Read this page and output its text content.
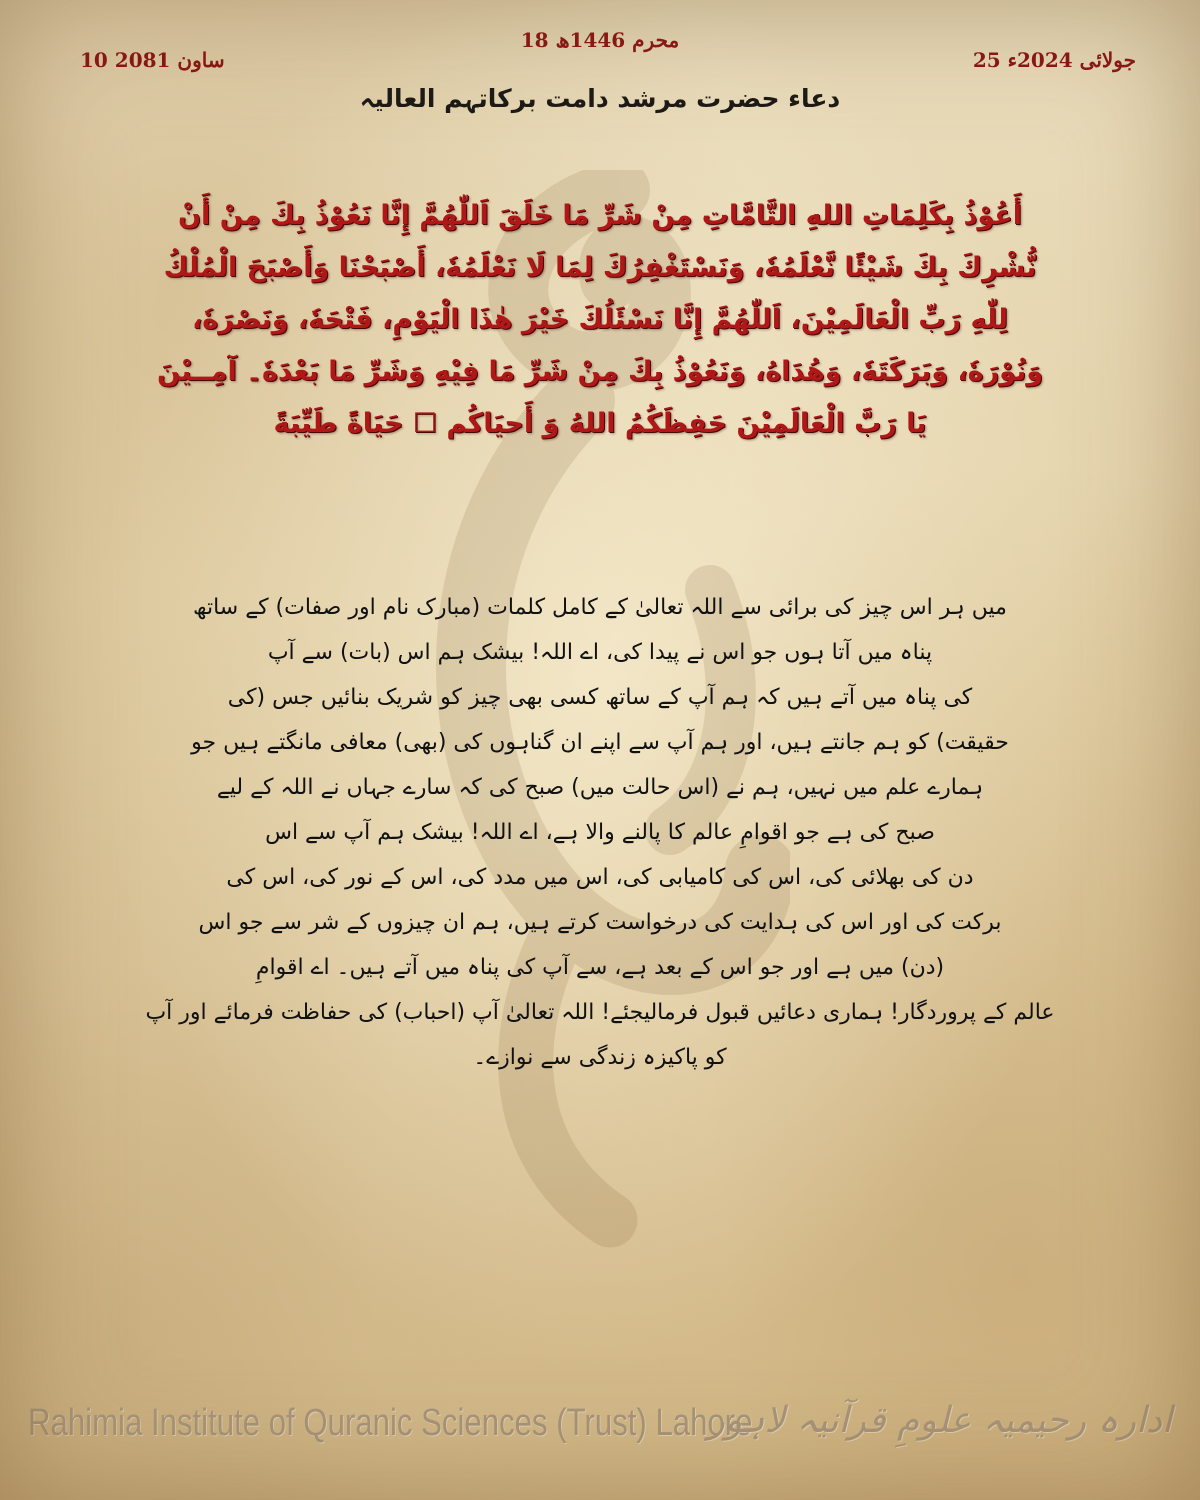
18 محرم 1446ھ
25 جولائی 2024ء
10 ساون 2081
دعاء حضرت مرشد دامت برکاتہم العالیہ
أَعُوْذُ بِكَلِمَاتِ اللهِ التَّامَّاتِ مِنْ شَرِّ مَا خَلَقَ اَللّٰهُمَّ إِنَّا نَعُوْذُ بِكَ مِنْ أَنْ نُّشْرِكَ بِكَ شَيْئًا نَّعْلَمُهٗ، وَنَسْتَغْفِرُكَ لِمَا لَا نَعْلَمُهٗ، أَصْبَحْنَا وَأَصْبَحَ الْمُلْكُ لِلّٰهِ رَبِّ الْعَالَمِيْنَ، اَللّٰهُمَّ إِنَّا نَسْئَلُكَ خَيْرَ هٰذَا الْيَوْمِ، فَتْحَهٗ، وَنَصْرَهٗ، وَنُوْرَهٗ، وَبَرَكَتَهٗ، وَهُدَاهُ، وَنَعُوْذُ بِكَ مِنْ شَرِّ مَا فِيْهِ وَشَرِّ مَا بَعْدَهٗ۔ آمِــيْنَ يَا رَبَّ الْعَالَمِيْنَ حَفِظَكُمُ اللهُ وَ أَحيَاكُم ☐ حَيَاةً طَيِّبَةً
میں ہر اس چیز کی برائی سے اللہ تعالیٰ کے کامل کلمات (مبارک نام اور صفات) کے ساتھ
پناہ میں آتا ہوں جو اس نے پیدا کی، اے اللہ! بیشک ہم اس (بات) سے آپ
کی پناہ میں آتے ہیں کہ ہم آپ کے ساتھ کسی بھی چیز کو شریک بنائیں جس (کی
حقیقت) کو ہم جانتے ہیں، اور ہم آپ سے اپنے ان گناہوں کی (بھی) معافی مانگتے ہیں جو
ہمارے علم میں نہیں، ہم نے (اس حالت میں) صبح کی کہ سارے جہاں نے اللہ کے لیے
صبح کی ہے جو اقوامِ عالم کا پالنے والا ہے، اے اللہ! بیشک ہم آپ سے اس
دن کی بھلائی کی، اس کی کامیابی کی، اس میں مدد کی، اس کے نور کی، اس کی
برکت کی اور اس کی ہدایت کی درخواست کرتے ہیں، ہم ان چیزوں کے شر سے جو اس
(دن) میں ہے اور جو اس کے بعد ہے، سے آپ کی پناہ میں آتے ہیں۔ اے اقوامِ
عالم کے پروردگار! ہماری دعائیں قبول فرمالیجئے! اللہ تعالیٰ آپ (احباب) کی حفاظت فرمائے اور آپ
کو پاکیزہ زندگی سے نوازے۔
Rahimia Institute of Quranic Sciences (Trust) Lahore
ادارہ رحیمیہ علومِ قرآنیہ لاہور
